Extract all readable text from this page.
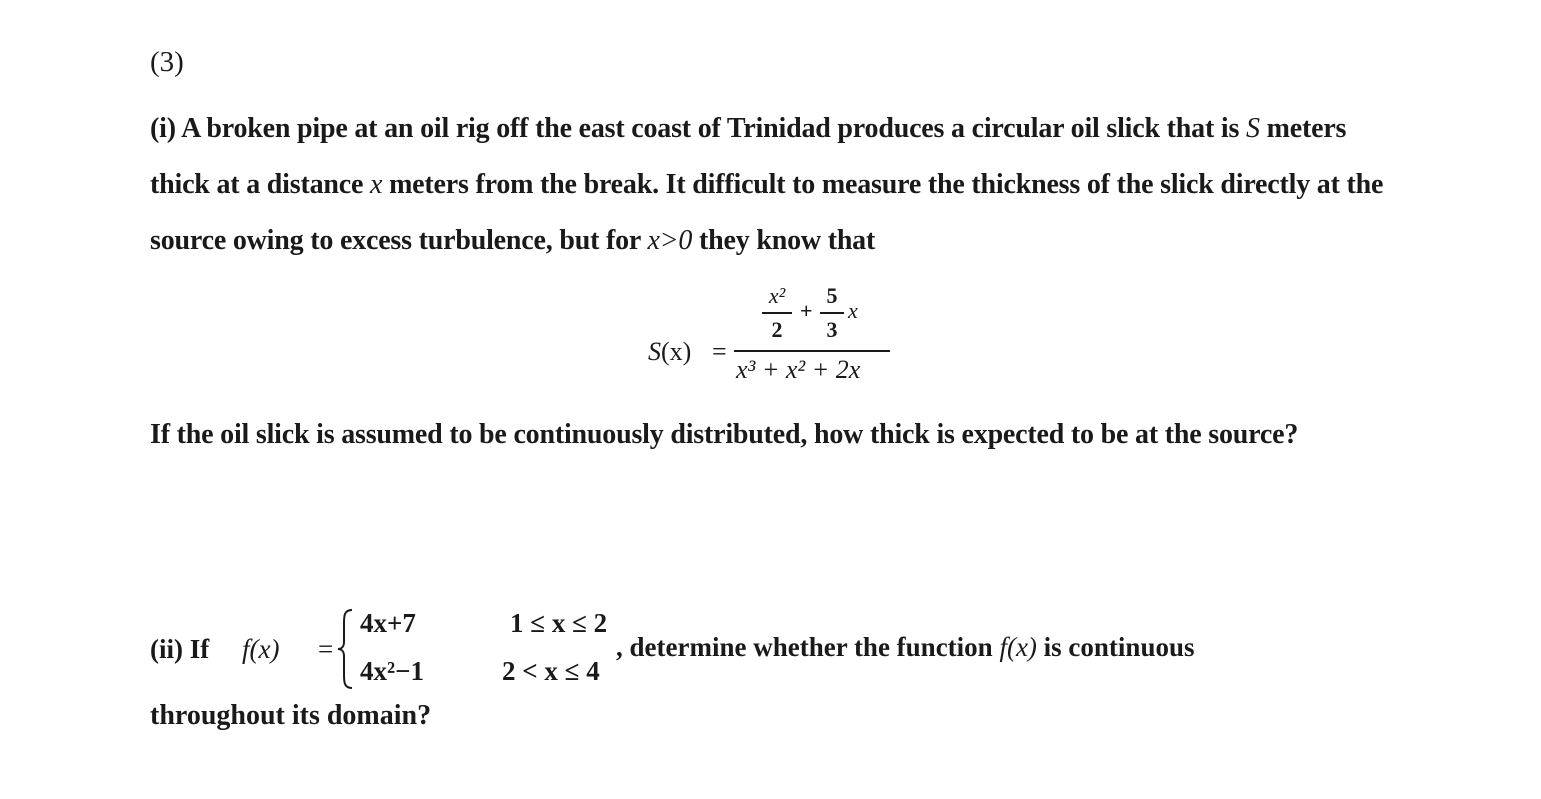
(3)
(i) A broken pipe at an oil rig off the east coast of Trinidad produces a circular oil slick that is S meters thick at a distance x meters from the break. It difficult to measure the thickness of the slick directly at the source owing to excess turbulence, but for x>0 they know that
S(x) =
x²
2
+
5
3
x
x³ + x² + 2x
If the oil slick is assumed to be continuously distributed, how thick is expected to be at the source?
(ii) If f(x) =
4x+7	1 ≤ x ≤ 2
4x²−1	2 < x ≤ 4
, determine whether the function f(x) is continuous
throughout its domain?
